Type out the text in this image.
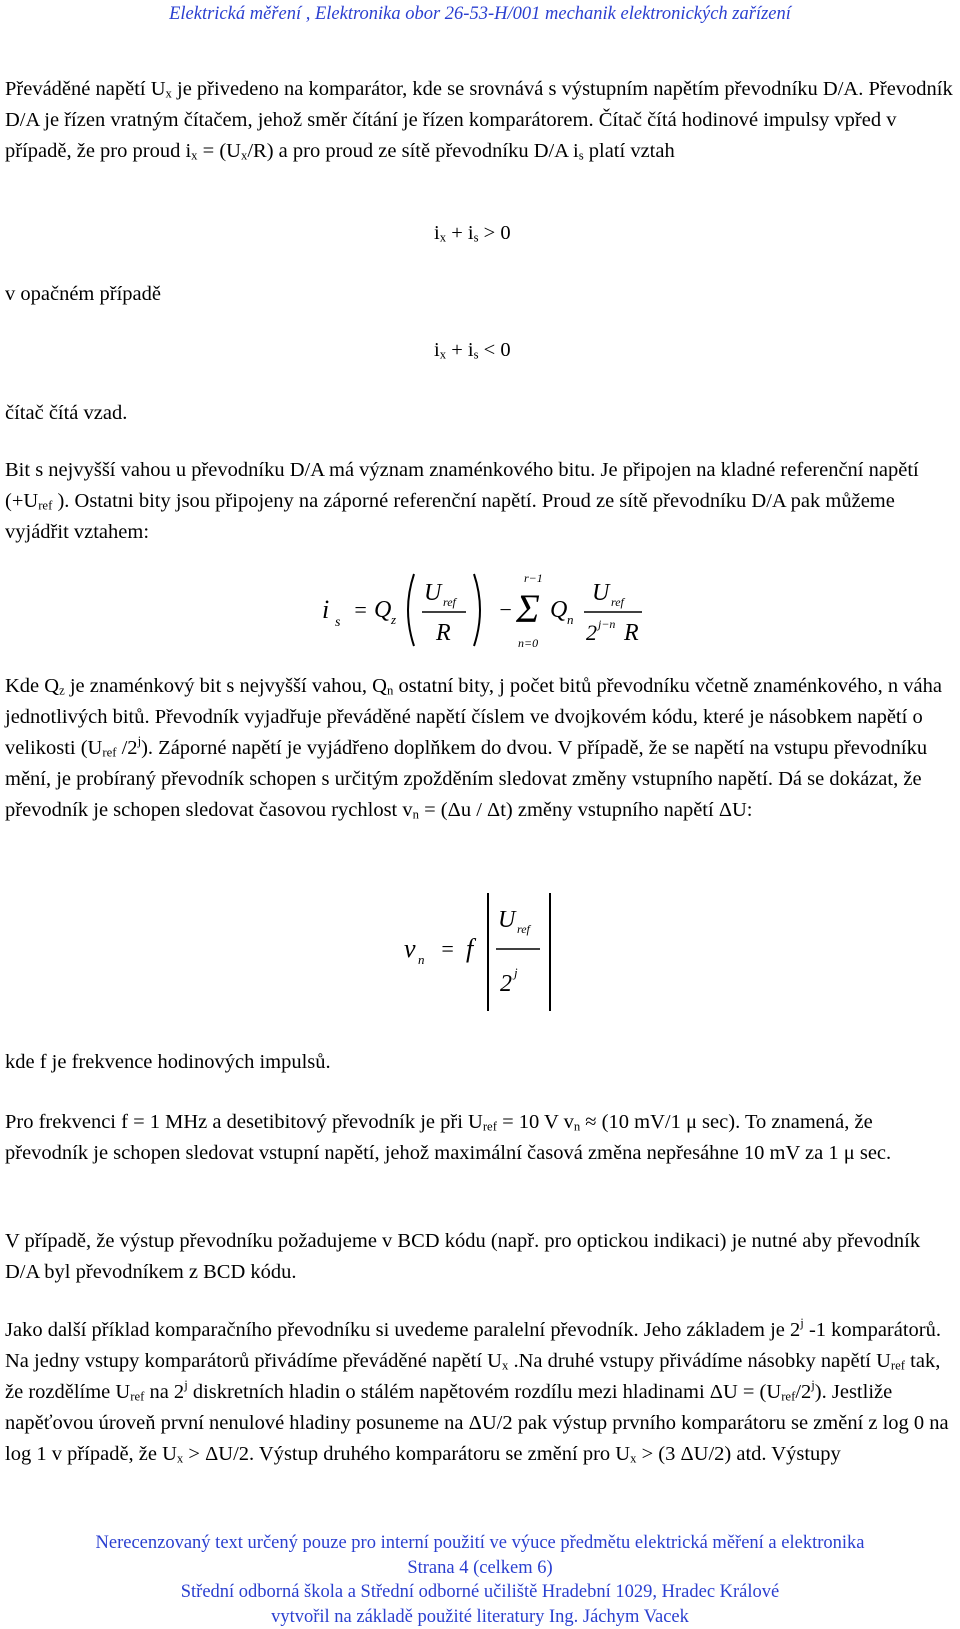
Elektrická měření , Elektronika obor 26-53-H/001 mechanik elektronických zařízení

Převáděné napětí $U_x$ je přivedeno na komparátor, kde se srovnává s výstupním napětím převodníku D/A. Převodník D/A je řízen vratným čítačem, jehož směr čítání je řízen komparátorem. Čítač čítá hodinové impulsy vpřed v případě, že pro proud $i_x = (U_x/R)$ a pro proud ze sítě převodníku D/A $i_s$ platí vztah

$i_x + i_s > 0$

v opačném případě

$i_x + i_s < 0$

čítač čítá vzad.

Bit s nejvyšší vahou u převodníku D/A má význam znaménkového bitu. Je připojen na kladné referenční napětí ($+U_{ref}$ ). Ostatni bity jsou připojeny na záporné referenční napětí. Proud ze sítě převodníku D/A pak můžeme vyjádřit vztahem:

i s
= Q z
U ref
R
−
r−1
Σ
n=0
Q n
U ref
2 j−n R

Kde $Q_z$ je znaménkový bit s nejvyšší vahou, $Q_n$ ostatní bity, j počet bitů převodníku včetně znaménkového, n váha jednotlivých bitů. Převodník vyjadřuje převáděné napětí číslem ve dvojkovém kódu, které je násobkem napětí o velikosti ($U_{ref}$ /2$^j$). Záporné napětí je vyjádřeno doplňkem do dvou. V případě, že se napětí na vstupu převodníku mění, je probíraný převodník schopen s určitým zpožděním sledovat změny vstupního napětí. Dá se dokázat, že převodník je schopen sledovat časovou rychlost $v_n = (\Delta u / \Delta t)$ změny vstupního napětí ΔU:

v n = f
U ref
2 j

kde f je frekvence hodinových impulsů.

Pro frekvenci f = 1 MHz a desetibitový převodník je při $U_{ref} = 10$ V $v_n \approx (10$ mV/1 μ sec). To znamená, že převodník je schopen sledovat vstupní napětí, jehož maximální časová změna nepřesáhne 10 mV za 1 μ sec.

V případě, že výstup převodníku požadujeme v BCD kódu (např. pro optickou indikaci) je nutné aby převodník D/A byl převodníkem z BCD kódu.

Jako další příklad komparačního převodníku si uvedeme paralelní převodník. Jeho základem je 2$^j$ -1 komparátorů. Na jedny vstupy komparátorů přivádíme převáděné napětí $U_x$ .Na druhé vstupy přivádíme násobky napětí $U_{ref}$ tak, že rozdělíme $U_{ref}$ na 2$^j$ diskretních hladin o stálém napětovém rozdílu mezi hladinami $\Delta U = (U_{ref}/2^j)$. Jestliže napěťovou úroveň první nenulové hladiny posuneme na ΔU/2 pak výstup prvního komparátoru se změní z log 0 na log 1 v případě, že $U_x > \Delta U/2$. Výstup druhého komparátoru se změní pro $U_x > (3$ ΔU/2) atd. Výstupy

Nerecenzovaný text určený pouze pro interní použití ve výuce předmětu elektrická měření a elektronika
Strana 4 (celkem 6)
Střední odborná škola a Střední odborné učiliště Hradební 1029, Hradec Králové
vytvořil na základě použité literatury Ing. Jáchym Vacek
